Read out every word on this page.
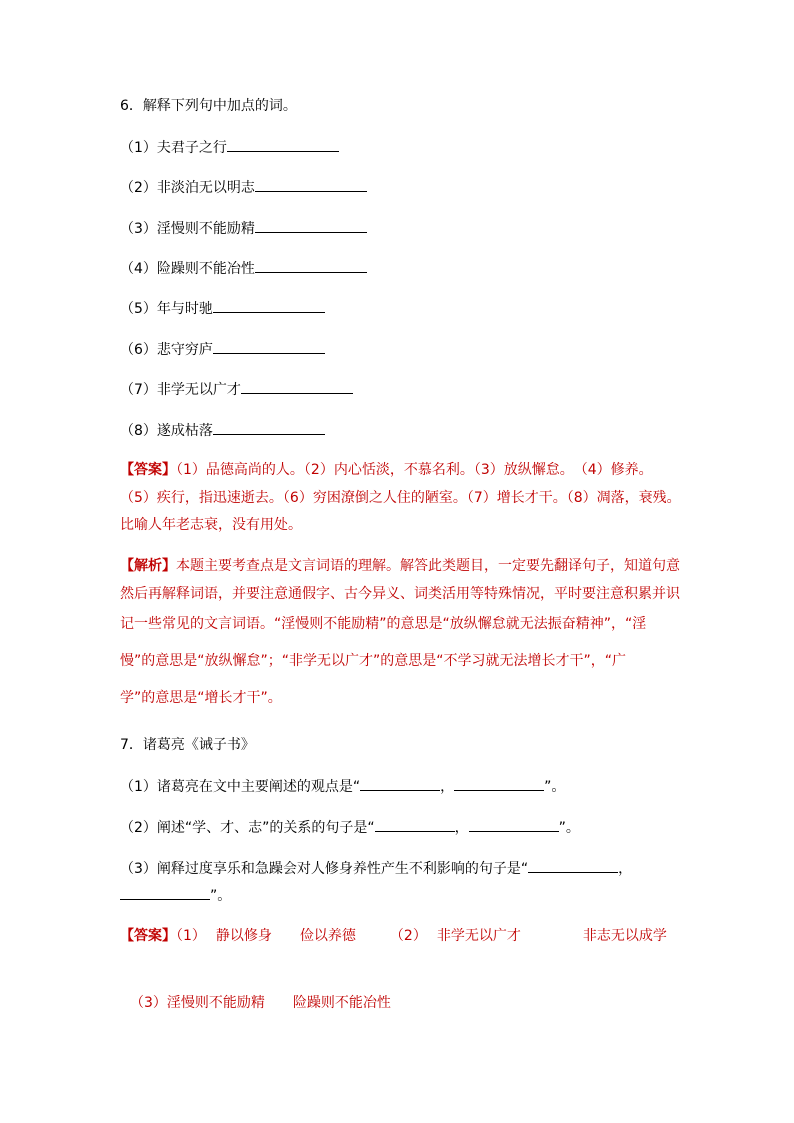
6．解释下列句中加点的词。
（1）夫君子之行
（2）非淡泊无以明志
（3）淫慢则不能励精
（4）险躁则不能冶性
（5）年与时驰
（6）悲守穷庐
（7）非学无以广才
（8）遂成枯落
【答案】（1）品德高尚的人。（2）内心恬淡，不慕名利。（3）放纵懈怠。　（4）修养。
（5）疾行，指迅速逝去。（6）穷困潦倒之人住的陋室。（7）增长才干。（8）凋落，衰残。
比喻人年老志衰，没有用处。
【解析】本题主要考查点是文言词语的理解。解答此类题目，一定要先翻译句子，知道句意
然后再解释词语，并要注意通假字、古今异义、词类活用等特殊情况，平时要注意积累并识
记一些常见的文言词语。“淫慢则不能励精”的意思是“放纵懈怠就无法振奋精神”，“淫
慢”的意思是“放纵懈怠”；“非学无以广才”的意思是“不学习就无法增长才干”，“广
学”的意思是“增长才干”。
7．诸葛亮《诫子书》
（1）诸葛亮在文中主要阐述的观点是“	，	”。
（2）阐述“学、才、志”的关系的句子是“	，	”。
（3）阐释过度享乐和急躁会对人修身养性产生不利影响的句子是“	，
”。
【答案】（1） 静以修身 俭以养德 （2） 非学无以广才	非志无以成学
（3）淫慢则不能励精 险躁则不能冶性
